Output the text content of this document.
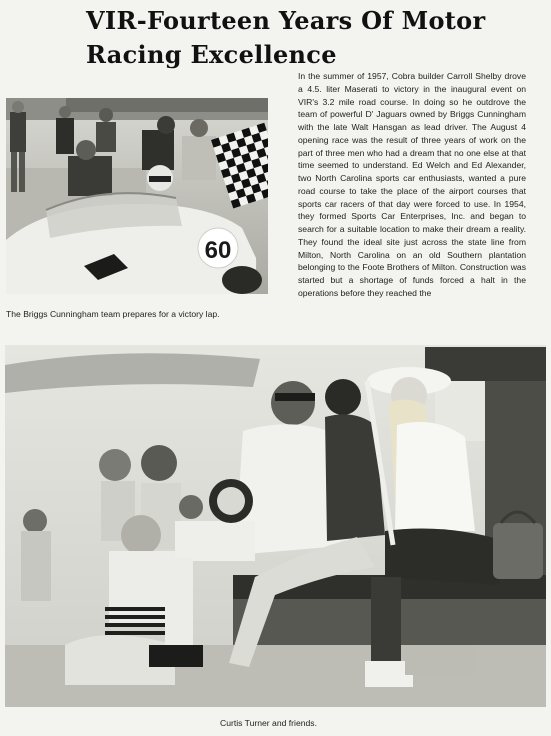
VIR-Fourteen Years Of Motor
Racing Excellence
In the summer of 1957, Cobra builder Carroll Shelby drove a 4.5. liter Maserati to victory in the inaugural event on VIR's 3.2 mile road course. In doing so he outdrove the team of powerful D' Jaguars owned by Briggs Cunningham with the late Walt Hansgan as lead driver. The August 4 opening race was the result of three years of work on the part of three men who had a dream that no one else at that time seemed to understand. Ed Welch and Ed Alexander, two North Carolina sports car enthusiasts, wanted a pure road course to take the place of the airport courses that sports car racers of that day were forced to use. In 1954, they formed Sports Car Enterprises, Inc. and began to search for a suitable location to make their dream a reality. They found the ideal site just across the state line from Milton, North Carolina on an old Southern plantation belonging to the Foote Brothers of Milton. Construction was started but a shortage of funds forced a halt in the operations before they reached the
60
The Briggs Cunningham team prepares for a victory lap.
Curtis Turner and friends.
